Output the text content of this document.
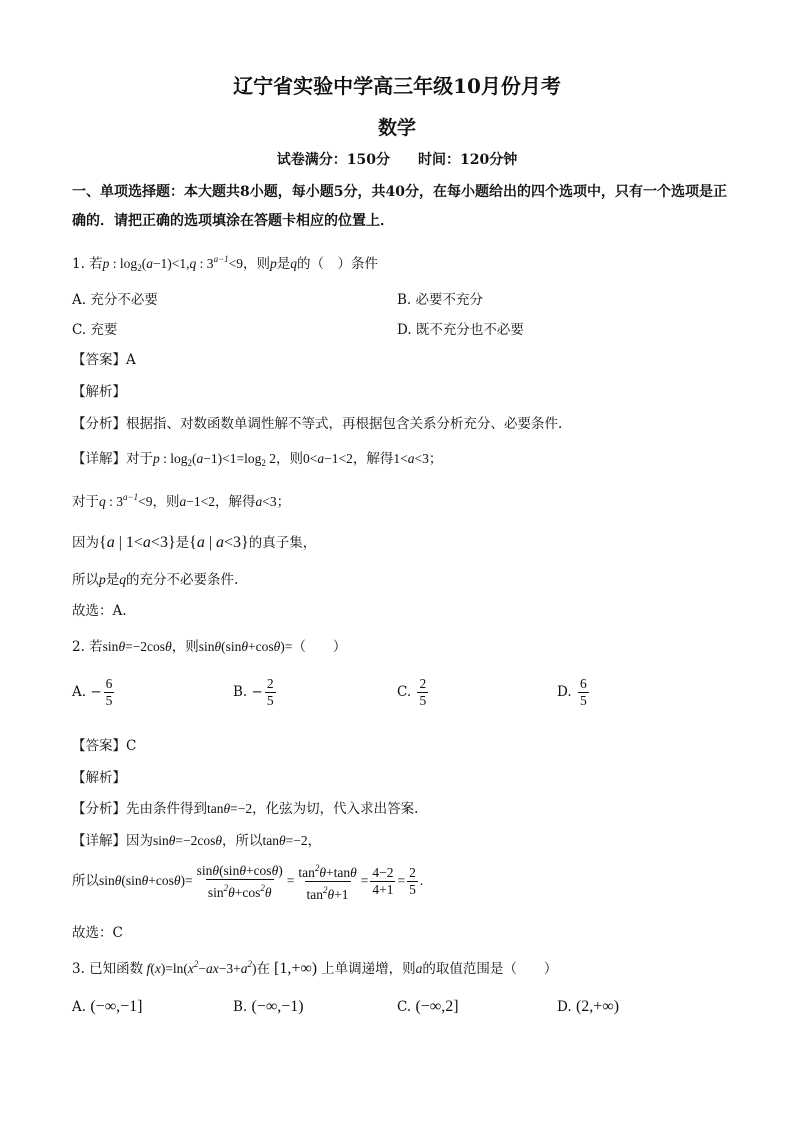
辽宁省实验中学高三年级10月份月考
数学
试卷满分：150分　　时间：120分钟
一、单项选择题：本大题共8小题，每小题5分，共40分，在每小题给出的四个选项中，只有一个选项是正确的．请把正确的选项填涂在答题卡相应的位置上．
1. 若p : $\log_2(a-1)<1,q$ : $3^{a-1}<9$，则p是q的（　）条件
A. 充分不必要	B. 必要不充分
C. 充要	D. 既不充分也不必要
【答案】A
【解析】
【分析】根据指、对数函数单调性解不等式，再根据包含关系分析充分、必要条件.
【详解】对于p : $\log_2(a-1)<1=\log_2$ 2，则0<a−1<2，解得1<a<3；
对于q : $3^{a-1}<9$，则a−1<2，解得a<3；
因为{a | 1<a<3}是{a | a<3}的真子集，
所以p是q的充分不必要条件.
故选：A.
2. 若sinθ=−2cosθ，则sinθ(sinθ+cosθ)=（　　）
A. − $\frac{6}{5}$	B. − $\frac{2}{5}$	C. $\frac{2}{5}$	D. $\frac{6}{5}$
【答案】C
【解析】
【分析】先由条件得到tanθ=−2，化弦为切，代入求出答案.
【详解】因为sinθ=−2cosθ，所以tanθ=−2，
所以$\sin\theta(\sin\theta+\cos\theta)= \frac{\sin\theta(\sin\theta+\cos\theta)}{\sin^2\theta+\cos^2\theta} = \frac{\tan^2\theta+\tan\theta}{\tan^2\theta+1} = \frac{4-2}{4+1} = \frac{2}{5}$ .
故选：C
3. 已知函数 $f(x)=\ln(x^2-ax-3+a^2)$在 [1,+∞) 上单调递增，则a的取值范围是（　　）
A. (−∞,−1]	B. (−∞,−1)	C. (−∞,2]	D. (2,+∞)
